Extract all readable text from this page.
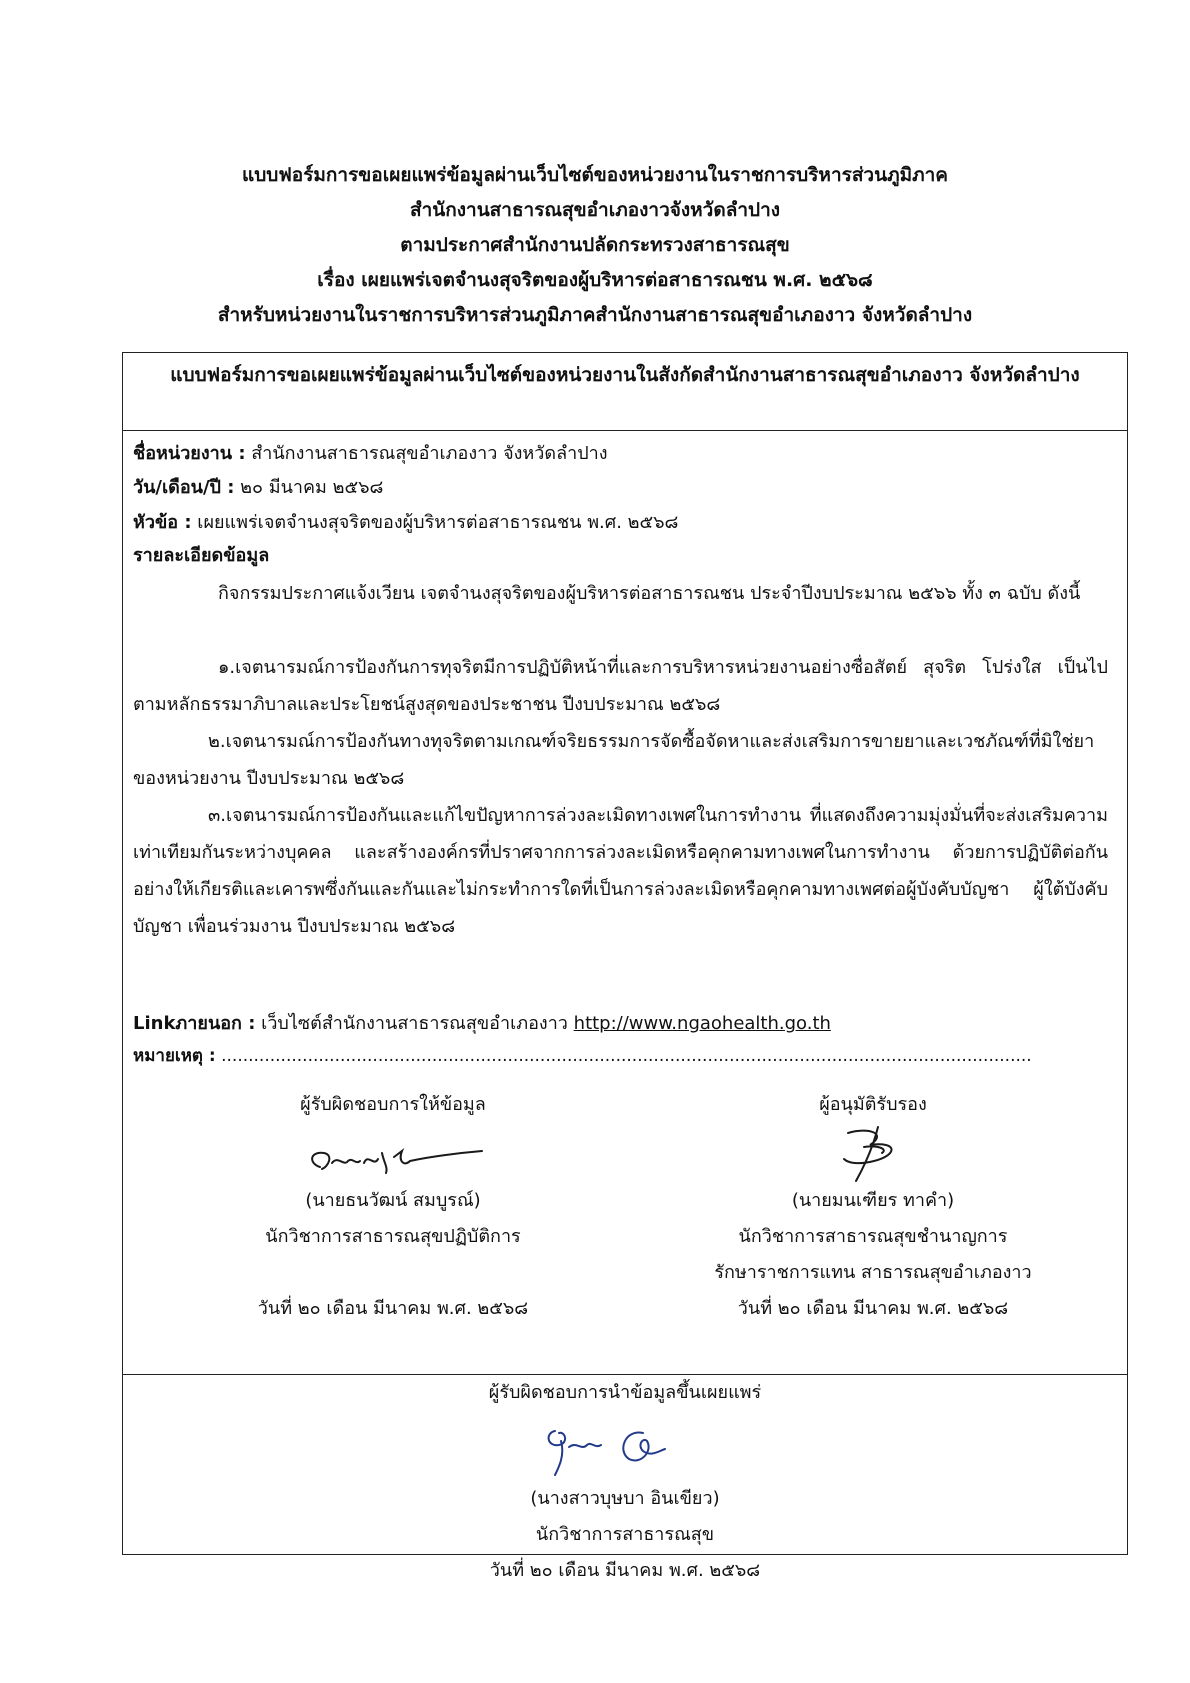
แบบฟอร์มการขอเผยแพร่ข้อมูลผ่านเว็บไซต์ของหน่วยงานในราชการบริหารส่วนภูมิภาค
สำนักงานสาธารณสุขอำเภองาวจังหวัดลำปาง
ตามประกาศสำนักงานปลัดกระทรวงสาธารณสุข
เรื่อง เผยแพร่เจตจำนงสุจริตของผู้บริหารต่อสาธารณชน พ.ศ. ๒๕๖๘
สำหรับหน่วยงานในราชการบริหารส่วนภูมิภาคสำนักงานสาธารณสุขอำเภองาว จังหวัดลำปาง
แบบฟอร์มการขอเผยแพร่ข้อมูลผ่านเว็บไซต์ของหน่วยงานในสังกัดสำนักงานสาธารณสุขอำเภองาว จังหวัดลำปาง
ชื่อหน่วยงาน : สำนักงานสาธารณสุขอำเภองาว จังหวัดลำปาง
วัน/เดือน/ปี : ๒๐ มีนาคม ๒๕๖๘
หัวข้อ : เผยแพร่เจตจำนงสุจริตของผู้บริหารต่อสาธารณชน พ.ศ. ๒๕๖๘
รายละเอียดข้อมูล
กิจกรรมประกาศแจ้งเวียน เจตจำนงสุจริตของผู้บริหารต่อสาธารณชน ประจำปีงบประมาณ ๒๕๖๖ ทั้ง ๓ ฉบับ ดังนี้
๑.เจตนารมณ์การป้องกันการทุจริตมีการปฏิบัติหน้าที่และการบริหารหน่วยงานอย่างซื่อสัตย์ สุจริต โปร่งใส เป็นไปตามหลักธรรมาภิบาลและประโยชน์สูงสุดของประชาชน ปีงบประมาณ ๒๕๖๘
๒.เจตนารมณ์การป้องกันทางทุจริตตามเกณฑ์จริยธรรมการจัดซื้อจัดหาและส่งเสริมการขายยาและเวชภัณฑ์ที่มิใช่ยาของหน่วยงาน ปีงบประมาณ ๒๕๖๘
๓.เจตนารมณ์การป้องกันและแก้ไขปัญหาการล่วงละเมิดทางเพศในการทำงาน ที่แสดงถึงความมุ่งมั่นที่จะส่งเสริมความเท่าเทียมกันระหว่างบุคคล และสร้างองค์กรที่ปราศจากการล่วงละเมิดหรือคุกคามทางเพศในการทำงาน ด้วยการปฏิบัติต่อกันอย่างให้เกียรติและเคารพซึ่งกันและกันและไม่กระทำการใดที่เป็นการล่วงละเมิดหรือคุกคามทางเพศต่อผู้บังคับบัญชา ผู้ใต้บังคับบัญชา เพื่อนร่วมงาน ปีงบประมาณ ๒๕๖๘
Linkภายนอก : เว็บไซต์สำนักงานสาธารณสุขอำเภองาว http://www.ngaohealth.go.th
หมายเหตุ : ......................................................................................................................................................
ผู้รับผิดชอบการให้ข้อมูล
(นายธนวัฒน์ สมบูรณ์)
นักวิชาการสาธารณสุขปฏิบัติการ
วันที่ ๒๐ เดือน มีนาคม พ.ศ. ๒๕๖๘
ผู้อนุมัติรับรอง
(นายมนเฑียร ทาคำ)
นักวิชาการสาธารณสุขชำนาญการ
รักษาราชการแทน สาธารณสุขอำเภองาว
วันที่ ๒๐ เดือน มีนาคม พ.ศ. ๒๕๖๘
ผู้รับผิดชอบการนำข้อมูลขึ้นเผยแพร่
(นางสาวบุษบา อินเขียว)
นักวิชาการสาธารณสุข
วันที่ ๒๐ เดือน มีนาคม พ.ศ. ๒๕๖๘
